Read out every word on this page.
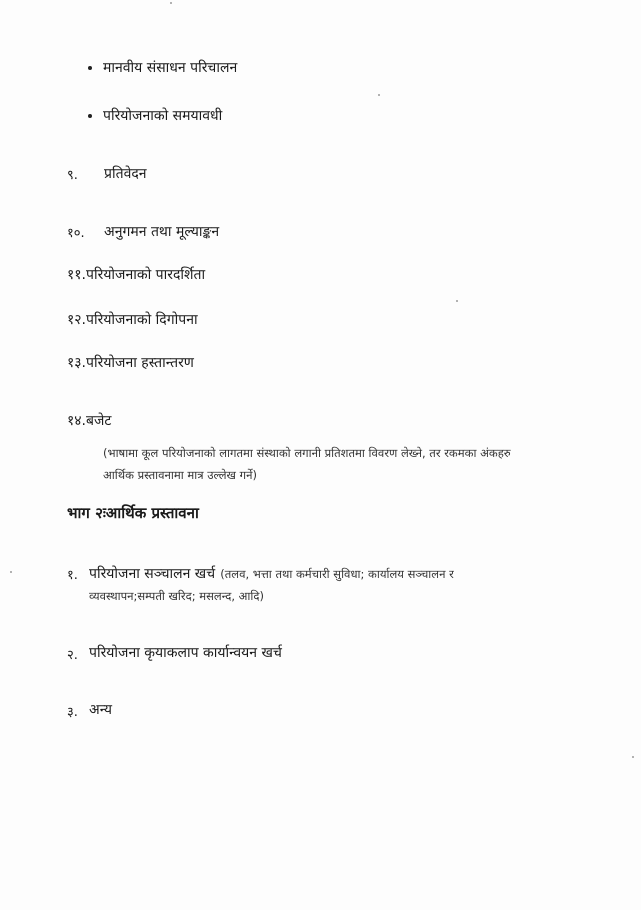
मानवीय संसाधन परिचालन
परियोजनाको समयावधी
९. प्रतिवेदन
१०. अनुगमन तथा मूल्याङ्कन
११.परियोजनाको पारदर्शिता
१२.परियोजनाको दिगोपना
१३.परियोजना हस्तान्तरण
१४.बजेट
(भाषामा कूल परियोजनाको लागतमा संस्थाको लगानी प्रतिशतमा विवरण लेख्ने, तर रकमका अंकहरु
आर्थिक प्रस्तावनामा मात्र उल्लेख गर्ने)
भाग २ःआर्थिक प्रस्तावना
१. परियोजना सञ्चालन खर्च (तलव, भत्ता तथा कर्मचारी सुविधा; कार्यालय सञ्चालन र
व्यवस्थापन;सम्पती खरिद; मसलन्द, आदि)
२. परियोजना कृयाकलाप कार्यान्वयन खर्च
३. अन्य
